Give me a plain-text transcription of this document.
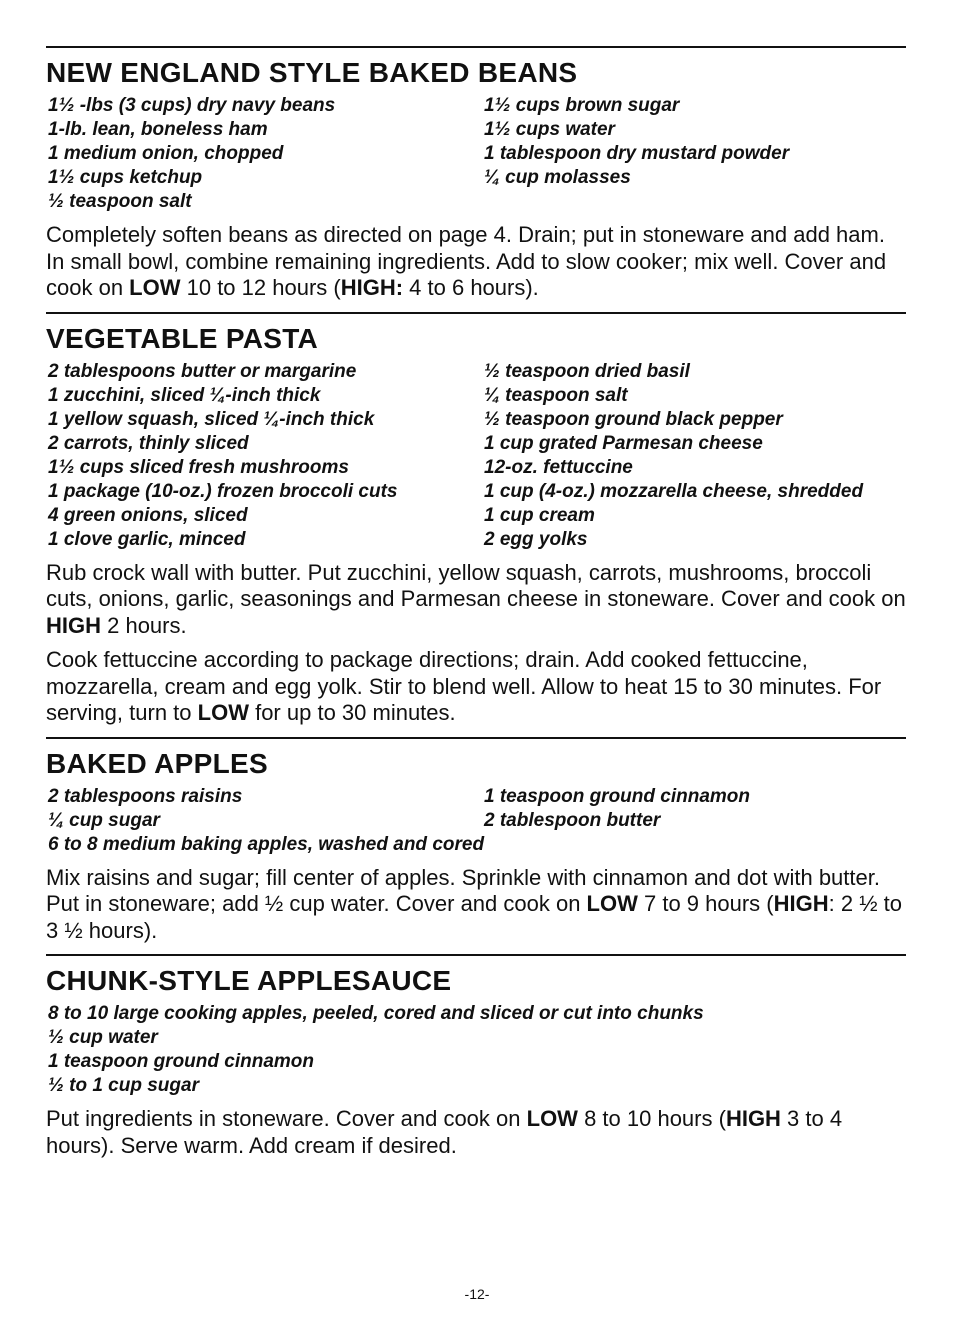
NEW ENGLAND STYLE BAKED BEANS
1½ -lbs (3 cups) dry navy beans
1-lb. lean, boneless ham
1 medium onion, chopped
1½ cups ketchup
½ teaspoon salt
1½ cups brown sugar
1½ cups water
1 tablespoon dry mustard powder
¼ cup molasses

Completely soften beans as directed on page 4. Drain; put in stoneware and add ham. In small bowl, combine remaining ingredients. Add to slow cooker; mix well. Cover and cook on LOW 10 to 12 hours (HIGH: 4 to 6 hours).

VEGETABLE PASTA
2 tablespoons butter or margarine
1 zucchini, sliced ¼-inch thick
1 yellow squash, sliced ¼-inch thick
2 carrots, thinly sliced
1½ cups sliced fresh mushrooms
1 package (10-oz.) frozen broccoli cuts
4 green onions, sliced
1 clove garlic, minced
½ teaspoon dried basil
¼ teaspoon salt
½ teaspoon ground black pepper
1 cup grated Parmesan cheese
12-oz. fettuccine
1 cup (4-oz.) mozzarella cheese, shredded
1 cup cream
2 egg yolks

Rub crock wall with butter. Put zucchini, yellow squash, carrots, mushrooms, broccoli cuts, onions, garlic, seasonings and Parmesan cheese in stoneware. Cover and cook on HIGH 2 hours.

Cook fettuccine according to package directions; drain. Add cooked fettuccine, mozzarella, cream and egg yolk. Stir to blend well. Allow to heat 15 to 30 minutes. For serving, turn to LOW for up to 30 minutes.

BAKED APPLES
2 tablespoons raisins
¼ cup sugar
1 teaspoon ground cinnamon
2 tablespoon butter
6 to 8 medium baking apples, washed and cored

Mix raisins and sugar; fill center of apples. Sprinkle with cinnamon and dot with butter. Put in stoneware; add ½ cup water. Cover and cook on LOW 7 to 9 hours (HIGH: 2 ½ to 3 ½ hours).

CHUNK-STYLE APPLESAUCE
8 to 10 large cooking apples, peeled, cored and sliced or cut into chunks
½ cup water
1 teaspoon ground cinnamon
½ to 1 cup sugar

Put ingredients in stoneware. Cover and cook on LOW 8 to 10 hours (HIGH 3 to 4 hours). Serve warm. Add cream if desired.

-12-
